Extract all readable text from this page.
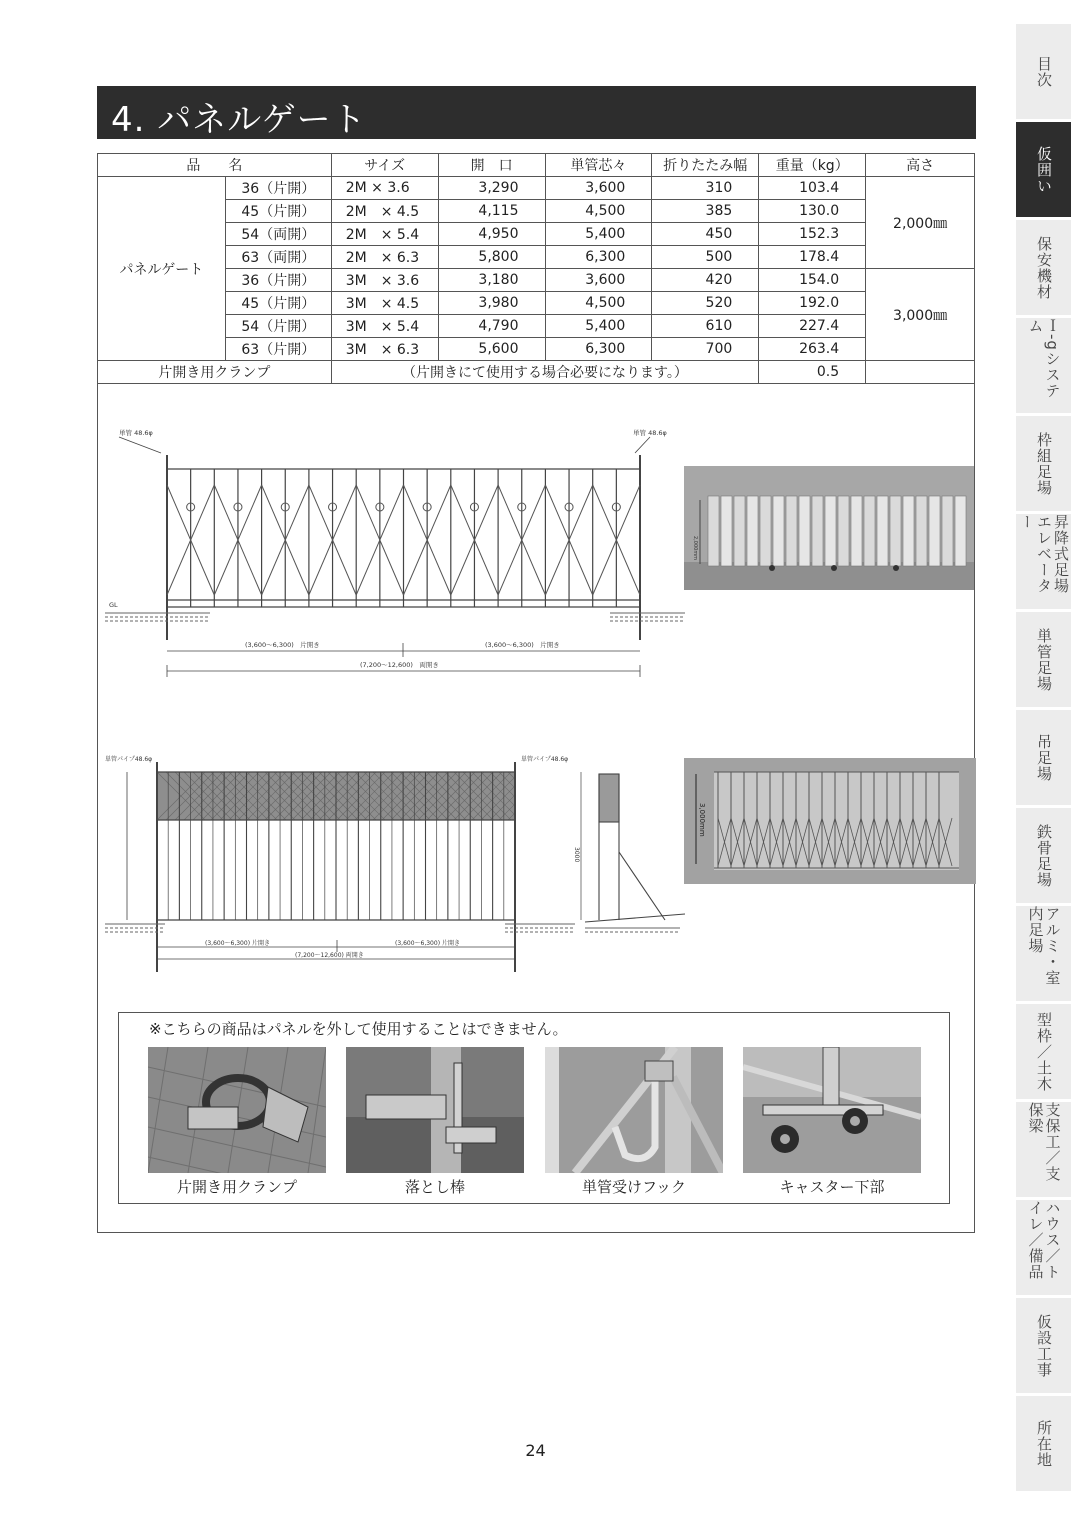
4. パネルゲート
品　　名		サイズ	開　口	単管芯々	折りたたみ幅	重量（kg）	高さ
パネルゲート	36（片開）	2M × 3.6	3,290	3,600	310	103.4	2,000㎜
	45（片開）	2M　× 4.5	4,115	4,500	385	130.0	
	54（両開）	2M　× 5.4	4,950	5,400	450	152.3	
	63（両開）	2M　× 6.3	5,800	6,300	500	178.4	
	36（片開）	3M　× 3.6	3,180	3,600	420	154.0	3,000㎜
	45（片開）	3M　× 4.5	3,980	4,500	520	192.0	
	54（片開）	3M　× 5.4	4,790	5,400	610	227.4	
	63（片開）	3M　× 6.3	5,600	6,300	700	263.4	
片開き用クランプ		（片開きにて使用する場合必要になります。）				0.5	
単管 48.6φ	単管 48.6φ
GL
(3,600〜6,300)　片開き	(3,600〜6,300)　片開き
(7,200〜12,600)　両開き
2,000mm
単管パイプ48.6φ	単管パイプ48.6φ
(3,600〜6,300) 片開き	(3,600〜6,300) 片開き
(7,200〜12,600) 両開き
3000
3,000mm
※こちらの商品はパネルを外して使用することはできません。
片開き用クランプ	落とし棒	単管受けフック	キャスター下部
24
目次
仮囲い
保安機材
Ｉ-gシステム
枠組足場
昇降式足場 エレベーター
単管足場
吊足場
鉄骨足場
アルミ・室内足場
型枠／土木
支保工／支保梁
ハウス／トイレ／備品
仮設工事
所在地
